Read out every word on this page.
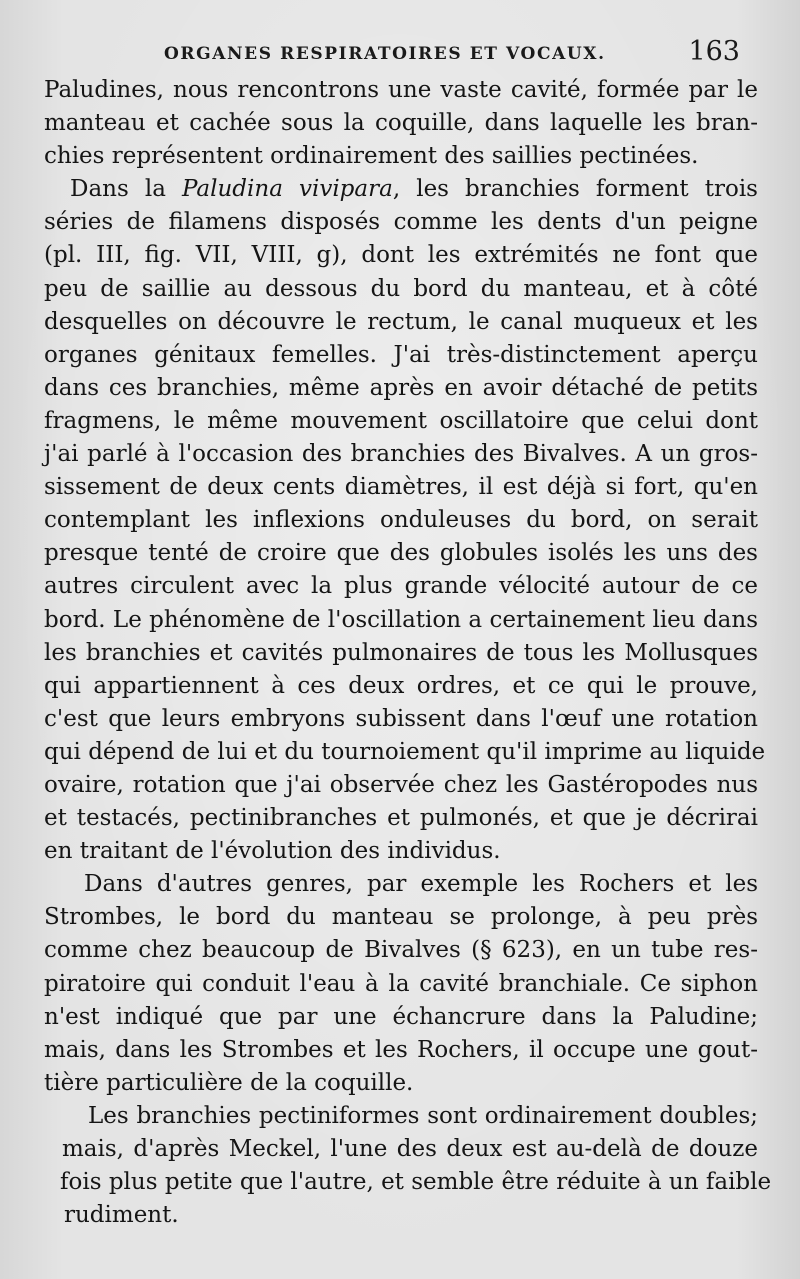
ORGANES RESPIRATOIRES ET VOCAUX.	163
Paludines, nous rencontrons une vaste cavité, formée par le
manteau et cachée sous la coquille, dans laquelle les bran-
chies représentent ordinairement des saillies pectinées.
Dans la Paludina vivipara, les branchies forment trois
séries de filamens disposés comme les dents d'un peigne
(pl. III, fig. VII, VIII, g), dont les extrémités ne font que
peu de saillie au dessous du bord du manteau, et à côté
desquelles on découvre le rectum, le canal muqueux et les
organes génitaux femelles. J'ai très-distinctement aperçu
dans ces branchies, même après en avoir détaché de petits
fragmens, le même mouvement oscillatoire que celui dont
j'ai parlé à l'occasion des branchies des Bivalves. A un gros-
sissement de deux cents diamètres, il est déjà si fort, qu'en
contemplant les inflexions onduleuses du bord, on serait
presque tenté de croire que des globules isolés les uns des
autres circulent avec la plus grande vélocité autour de ce
bord. Le phénomène de l'oscillation a certainement lieu dans
les branchies et cavités pulmonaires de tous les Mollusques
qui appartiennent à ces deux ordres, et ce qui le prouve,
c'est que leurs embryons subissent dans l'œuf une rotation
qui dépend de lui et du tournoiement qu'il imprime au liquide
ovaire, rotation que j'ai observée chez les Gastéropodes nus
et testacés, pectinibranches et pulmonés, et que je décrirai
en traitant de l'évolution des individus.
Dans d'autres genres, par exemple les Rochers et les
Strombes, le bord du manteau se prolonge, à peu près
comme chez beaucoup de Bivalves (§ 623), en un tube res-
piratoire qui conduit l'eau à la cavité branchiale. Ce siphon
n'est indiqué que par une échancrure dans la Paludine;
mais, dans les Strombes et les Rochers, il occupe une gout-
tière particulière de la coquille.
Les branchies pectiniformes sont ordinairement doubles;
mais, d'après Meckel, l'une des deux est au-delà de douze
fois plus petite que l'autre, et semble être réduite à un faible
rudiment.
